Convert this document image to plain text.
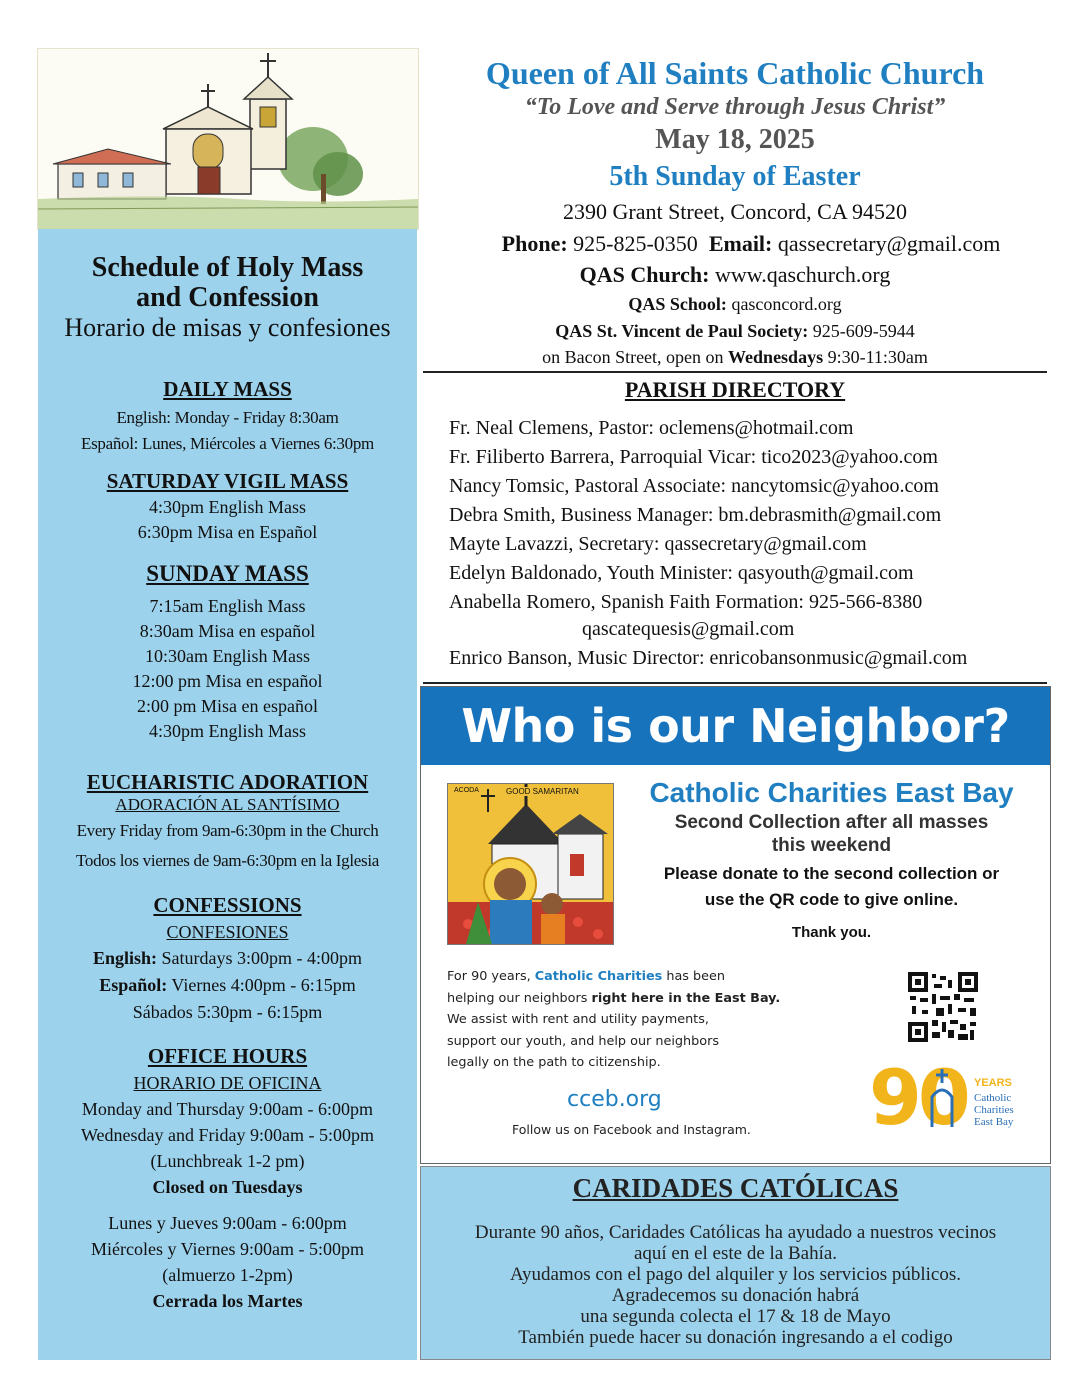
Schedule of Holy Mass
and Confession
Horario de misas y confesiones
DAILY MASS
English: Monday - Friday 8:30am
Español: Lunes, Miércoles a Viernes 6:30pm
SATURDAY VIGIL MASS
4:30pm English Mass
6:30pm Misa en Español
SUNDAY MASS
7:15am English Mass
8:30am Misa en español
10:30am English Mass
12:00 pm Misa en español
2:00 pm Misa en español
4:30pm English Mass
EUCHARISTIC ADORATION
ADORACIÓN AL SANTÍSIMO
Every Friday from 9am-6:30pm in the Church
Todos los viernes de 9am-6:30pm en la Iglesia
CONFESSIONS
CONFESIONES
English: Saturdays 3:00pm - 4:00pm
Español: Viernes 4:00pm - 6:15pm
Sábados 5:30pm - 6:15pm
OFFICE HOURS
HORARIO DE OFICINA
Monday and Thursday 9:00am - 6:00pm
Wednesday and Friday 9:00am - 5:00pm
(Lunchbreak 1-2 pm)
Closed on Tuesdays
Lunes y Jueves 9:00am - 6:00pm
Miércoles y Viernes 9:00am - 5:00pm
(almuerzo 1-2pm)
Cerrada los Martes
Queen of All Saints Catholic Church
“To Love and Serve through Jesus Christ”
May 18, 2025
5th Sunday of Easter
2390 Grant Street, Concord, CA 94520
Phone: 925-825-0350 Email: qassecretary@gmail.com
QAS Church: www.qaschurch.org
QAS School: qasconcord.org
QAS St. Vincent de Paul Society: 925-609-5944
on Bacon Street, open on Wednesdays 9:30-11:30am
PARISH DIRECTORY
Fr. Neal Clemens, Pastor: oclemens@hotmail.com
Fr. Filiberto Barrera, Parroquial Vicar: tico2023@yahoo.com
Nancy Tomsic, Pastoral Associate: nancytomsic@yahoo.com
Debra Smith, Business Manager: bm.debrasmith@gmail.com
Mayte Lavazzi, Secretary: qassecretary@gmail.com
Edelyn Baldonado, Youth Minister: qasyouth@gmail.com
Anabella Romero, Spanish Faith Formation: 925-566-8380
qascatequesis@gmail.com
Enrico Banson, Music Director: enricobansonmusic@gmail.com
Who is our Neighbor?
ACODA	GOOD SAMARITAN	Catholic Charities East Bay
Second Collection after all masses
this weekend
Please donate to the second collection or
use the QR code to give online.
Thank you.
For 90 years, Catholic Charities has been
helping our neighbors right here in the East Bay.
We assist with rent and utility payments,
support our youth, and help our neighbors
legally on the path to citizenship.
cceb.org
Follow us on Facebook and Instagram. 90 YEARS
Catholic
Charities
East Bay
CARIDADES CATÓLICAS
Durante 90 años, Caridades Católicas ha ayudado a nuestros vecinos
aquí en el este de la Bahía.
Ayudamos con el pago del alquiler y los servicios públicos.
Agradecemos su donación habrá
una segunda colecta el 17 & 18 de Mayo
También puede hacer su donación ingresando a el codigo
